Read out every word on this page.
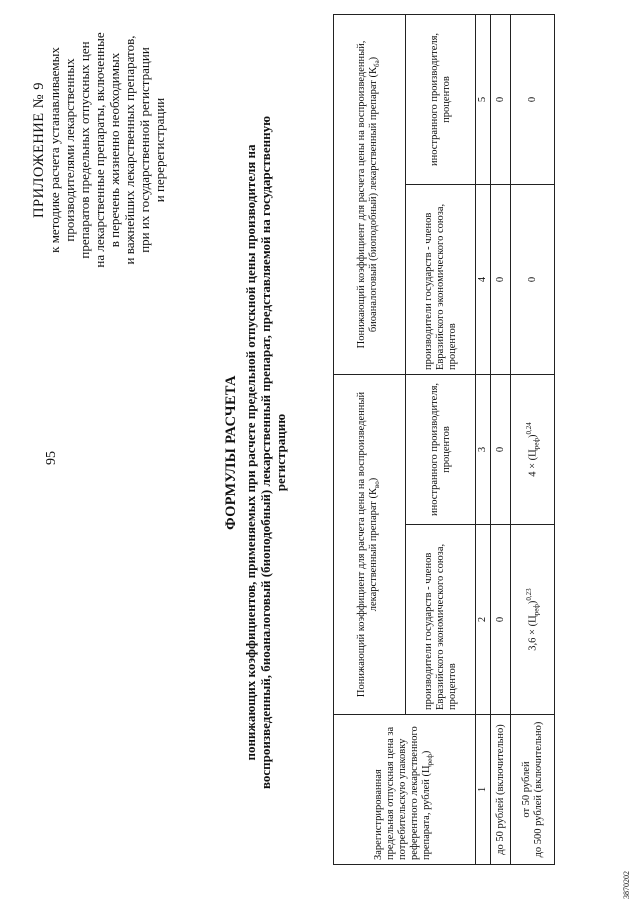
95
ПРИЛОЖЕНИЕ № 9 к методике расчета устанавливаемых производителями лекарственных препаратов предельных отпускных цен на лекарственные препараты, включенные в перечень жизненно необходимых и важнейших лекарственных препаратов, при их государственной регистрации и перерегистрации
ФОРМУЛЫ РАСЧЕТА понижающих коэффициентов, применяемых при расчете предельной отпускной цены производителя на воспроизведенный, биоаналоговый (биоподобный) лекарственный препарат, представляемой на государственную регистрацию
Зарегистрированная предельная отпускная цена за потребительскую упаковку референтного лекарственного препарата, рублей $(Ц_{реф})$	Понижающий коэффициент для расчета цены на воспроизведенный лекарственный препарат $(К_{во})$		Понижающий коэффициент для расчета цены на воспроизведенный, биоаналоговый (биоподобный) лекарственный препарат $(К_{ба})$	
	производители государств - членов Евразийского экономического союза, процентов	иностранного производителя, процентов	производители государств - членов Евразийского экономического союза, процентов	иностранного производителя, процентов
1	2	3	4	5
до 50 рублей (включительно)	0	0	0	0

от 50 рублей до 500 рублей (включительно)	$3,6 \times (Ц_{реф})^{0,23}$	$4 \times (Ц_{реф})^{0,24}$	0	0
3870202
